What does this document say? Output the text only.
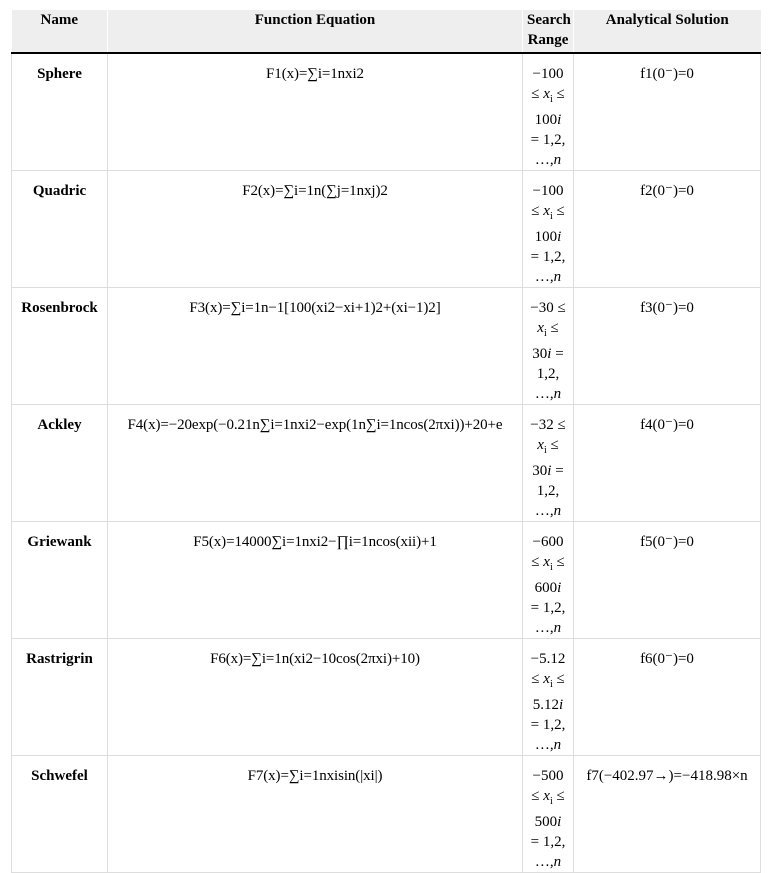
Name	Function Equation	Search Range	Analytical Solution
Sphere	F1(x)=∑i=1nxi2	−100
≤ $x_i$ ≤
100i
= 1,2,
…,n	f1(0⁻)=0
Quadric	F2(x)=∑i=1n(∑j=1nxj)2	−100
≤ $x_i$ ≤
100i
= 1,2,
…,n	f2(0⁻)=0
Rosenbrock	F3(x)=∑i=1n−1[100(xi2−xi+1)2+(xi−1)2]	−30 ≤
$x_i$ ≤
30i =
1,2,
…,n	f3(0⁻)=0
Ackley	F4(x)=−20exp(−0.21n∑i=1nxi2−exp(1n∑i=1ncos(2πxi))+20+e	−32 ≤
$x_i$ ≤
30i =
1,2,
…,n	f4(0⁻)=0
Griewank	F5(x)=14000∑i=1nxi2−∏i=1ncos(xii)+1	−600
≤ $x_i$ ≤
600i
= 1,2,
…,n	f5(0⁻)=0
Rastrigrin	F6(x)=∑i=1n(xi2−10cos(2πxi)+10)	−5.12
≤ $x_i$ ≤
5.12i
= 1,2,
…,n	f6(0⁻)=0
Schwefel	F7(x)=∑i=1nxisin(|xi|)	−500
≤ $x_i$ ≤
500i
= 1,2,
…,n	f7(−402.97→)=−418.98×n
